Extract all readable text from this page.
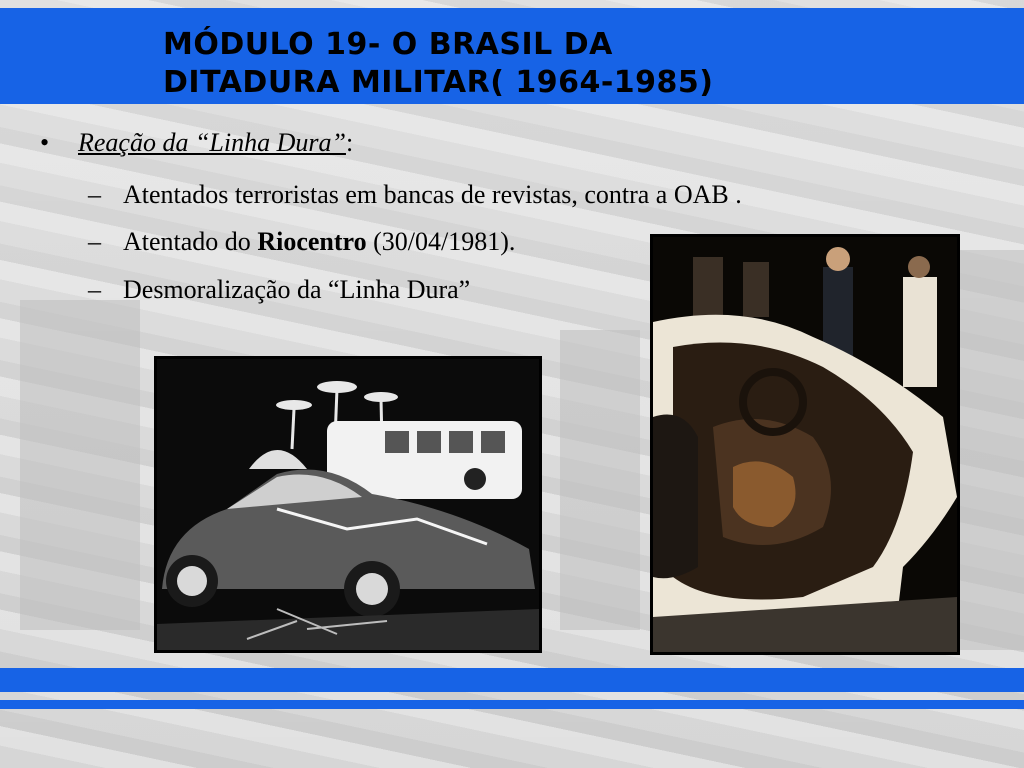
MÓDULO 19- O BRASIL DA
DITADURA MILITAR( 1964-1985)
• Reação da “Linha Dura”:
– Atentados terroristas em bancas de revistas, contra a OAB .
– Atentado do Riocentro (30/04/1981).
– Desmoralização da “Linha Dura”
